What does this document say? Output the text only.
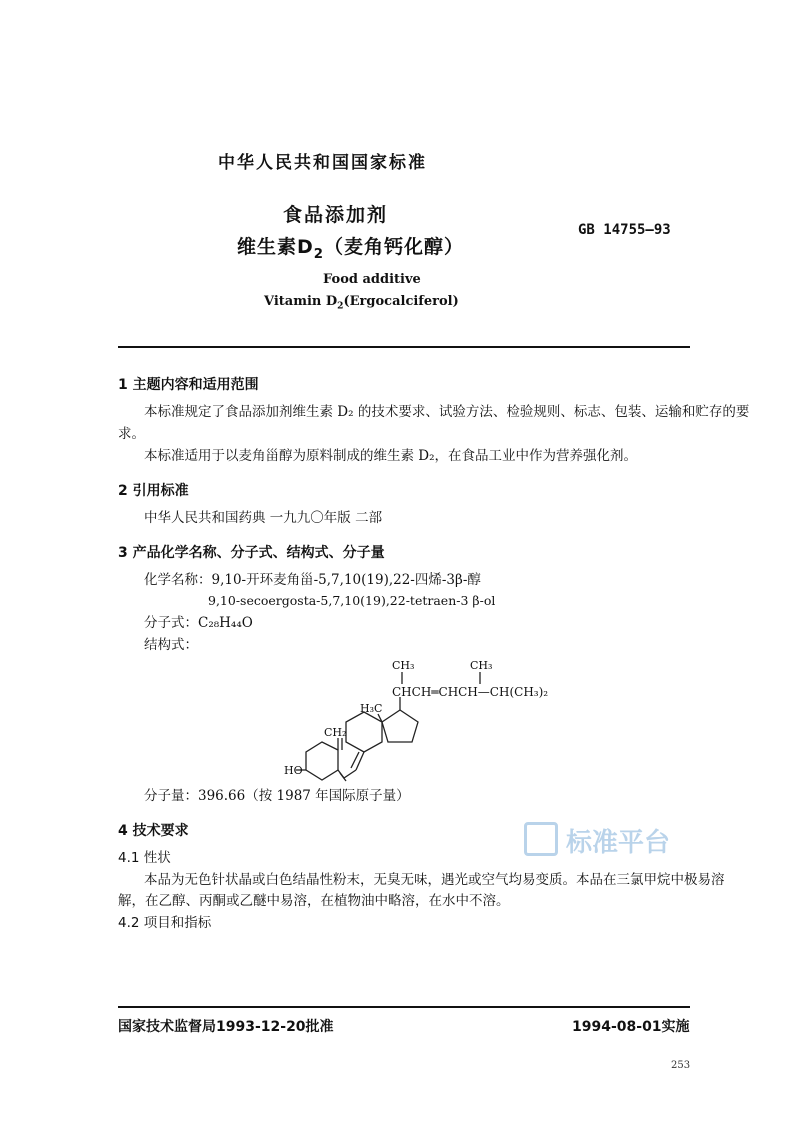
中华人民共和国国家标准
食品添加剂
维生素$D_2$（麦角钙化醇）
GB 14755—93
Food additive
Vitamin $D_2(Ergocalciferol)$
1 主题内容和适用范围
本标准规定了食品添加剂维生素 D₂ 的技术要求、试验方法、检验规则、标志、包装、运输和贮存的要
求。
本标准适用于以麦角甾醇为原料制成的维生素 D₂，在食品工业中作为营养强化剂。
2 引用标准
中华人民共和国药典 一九九〇年版 二部
3 产品化学名称、分子式、结构式、分子量
化学名称：9,10-开环麦角甾-5,7,10(19),22-四烯-3β-醇
9,10-secoergosta-5,7,10(19),22-tetraen-3 β-ol
分子式：C₂₈H₄₄O
结构式：
CH₃	CH₃
CHCH═CHCH—CH(CH₃)₂
H₃C
CH₂
HO
分子量：396.66（按 1987 年国际原子量）
4 技术要求	标准平台
4.1 性状
本品为无色针状晶或白色结晶性粉末，无臭无味，遇光或空气均易变质。本品在三氯甲烷中极易溶
解，在乙醇、丙酮或乙醚中易溶，在植物油中略溶，在水中不溶。
4.2 项目和指标
国家技术监督局1993-12-20批准	1994-08-01实施
253
